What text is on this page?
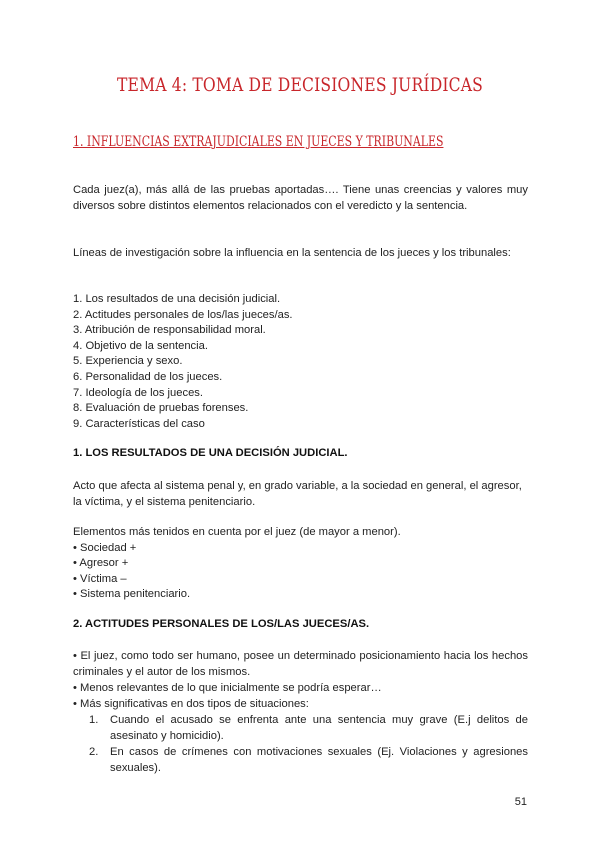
TEMA 4: TOMA DE DECISIONES JURÍDICAS
1. INFLUENCIAS EXTRAJUDICIALES EN JUECES Y TRIBUNALES
Cada juez(a), más allá de las pruebas aportadas…. Tiene unas creencias y valores muy diversos sobre distintos elementos relacionados con el veredicto y la sentencia.
Líneas de investigación sobre la influencia en la sentencia de los jueces y los tribunales:

1. Los resultados de una decisión judicial.

2. Actitudes personales de los/las jueces/as.

3. Atribución de responsabilidad moral.

4. Objetivo de la sentencia.

5. Experiencia y sexo.

6. Personalidad de los jueces.

7. Ideología de los jueces.

8. Evaluación de pruebas forenses.

9. Características del caso

1. LOS RESULTADOS DE UNA DECISIÓN JUDICIAL.
Acto que afecta al sistema penal y, en grado variable, a la sociedad en general, el agresor, la víctima, y el sistema penitenciario.

Elementos más tenidos en cuenta por el juez (de mayor a menor).

• Sociedad +

• Agresor +

• Víctima –

• Sistema penitenciario.

2. ACTITUDES PERSONALES DE LOS/LAS JUECES/AS.
• El juez, como todo ser humano, posee un determinado posicionamiento hacia los hechos criminales y el autor de los mismos.
• Menos relevantes de lo que inicialmente se podría esperar…
• Más significativas en dos tipos de situaciones:
1. Cuando el acusado se enfrenta ante una sentencia muy grave (E.j delitos de asesinato y homicidio).
2. En casos de crímenes con motivaciones sexuales (Ej. Violaciones y agresiones sexuales).
51
